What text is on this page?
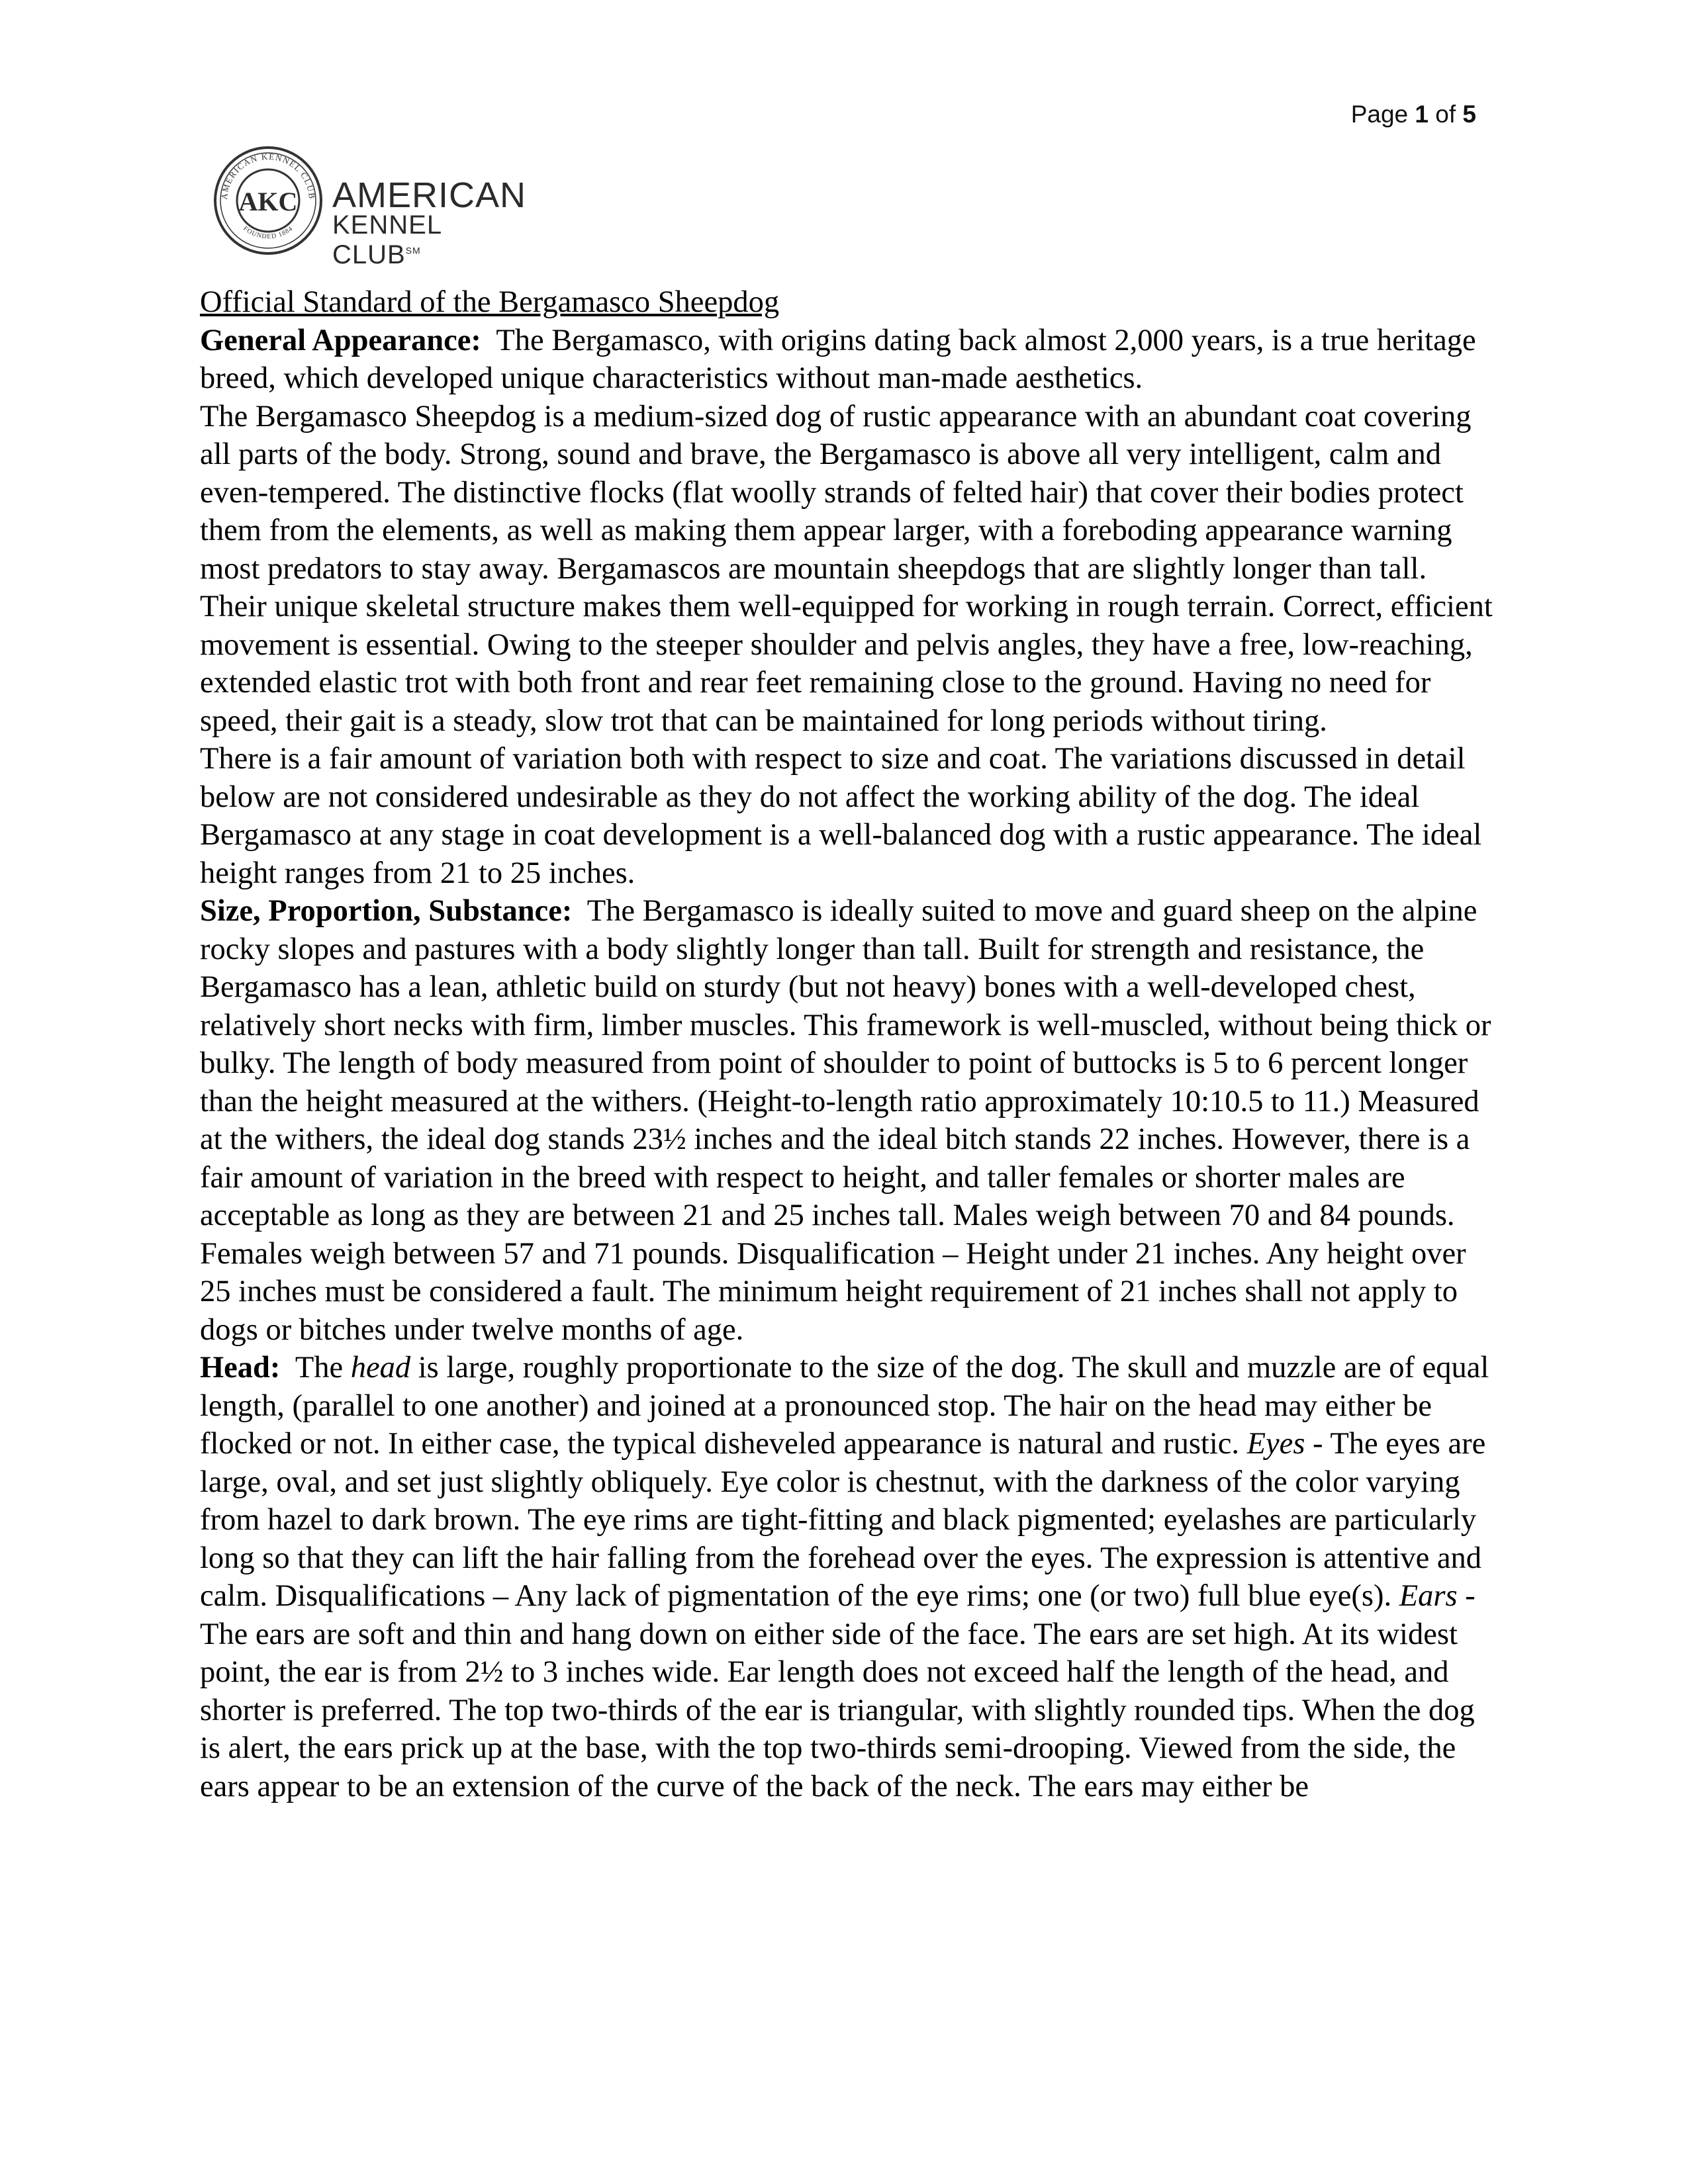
Page 1 of 5
AMERICAN KENNEL CLUB
FOUNDED 1884
AKC AMERICAN
KENNEL CLUB℠

Official Standard of the Bergamasco Sheepdog

General Appearance: The Bergamasco, with origins dating back almost 2,000 years, is a true heritage breed, which developed unique characteristics without man-made aesthetics.

The Bergamasco Sheepdog is a medium-sized dog of rustic appearance with an abundant coat covering all parts of the body. Strong, sound and brave, the Bergamasco is above all very intelligent, calm and even-tempered. The distinctive flocks (flat woolly strands of felted hair) that cover their bodies protect them from the elements, as well as making them appear larger, with a foreboding appearance warning most predators to stay away. Bergamascos are mountain sheepdogs that are slightly longer than tall. Their unique skeletal structure makes them well-equipped for working in rough terrain. Correct, efficient movement is essential. Owing to the steeper shoulder and pelvis angles, they have a free, low-reaching, extended elastic trot with both front and rear feet remaining close to the ground. Having no need for speed, their gait is a steady, slow trot that can be maintained for long periods without tiring.

There is a fair amount of variation both with respect to size and coat. The variations discussed in detail below are not considered undesirable as they do not affect the working ability of the dog. The ideal Bergamasco at any stage in coat development is a well-balanced dog with a rustic appearance. The ideal height ranges from 21 to 25 inches.

Size, Proportion, Substance: The Bergamasco is ideally suited to move and guard sheep on the alpine rocky slopes and pastures with a body slightly longer than tall. Built for strength and resistance, the Bergamasco has a lean, athletic build on sturdy (but not heavy) bones with a well-developed chest, relatively short necks with firm, limber muscles. This framework is well-muscled, without being thick or bulky. The length of body measured from point of shoulder to point of buttocks is 5 to 6 percent longer than the height measured at the withers. (Height-to-length ratio approximately 10:10.5 to 11.) Measured at the withers, the ideal dog stands 23½ inches and the ideal bitch stands 22 inches. However, there is a fair amount of variation in the breed with respect to height, and taller females or shorter males are acceptable as long as they are between 21 and 25 inches tall. Males weigh between 70 and 84 pounds. Females weigh between 57 and 71 pounds. Disqualification – Height under 21 inches. Any height over 25 inches must be considered a fault. The minimum height requirement of 21 inches shall not apply to dogs or bitches under twelve months of age.

Head: The head is large, roughly proportionate to the size of the dog. The skull and muzzle are of equal length, (parallel to one another) and joined at a pronounced stop. The hair on the head may either be flocked or not. In either case, the typical disheveled appearance is natural and rustic. Eyes - The eyes are large, oval, and set just slightly obliquely. Eye color is chestnut, with the darkness of the color varying from hazel to dark brown. The eye rims are tight-fitting and black pigmented; eyelashes are particularly long so that they can lift the hair falling from the forehead over the eyes. The expression is attentive and calm. Disqualifications – Any lack of pigmentation of the eye rims; one (or two) full blue eye(s). Ears - The ears are soft and thin and hang down on either side of the face. The ears are set high. At its widest point, the ear is from 2½ to 3 inches wide. Ear length does not exceed half the length of the head, and shorter is preferred. The top two-thirds of the ear is triangular, with slightly rounded tips. When the dog is alert, the ears prick up at the base, with the top two-thirds semi-drooping. Viewed from the side, the ears appear to be an extension of the curve of the back of the neck. The ears may either be
